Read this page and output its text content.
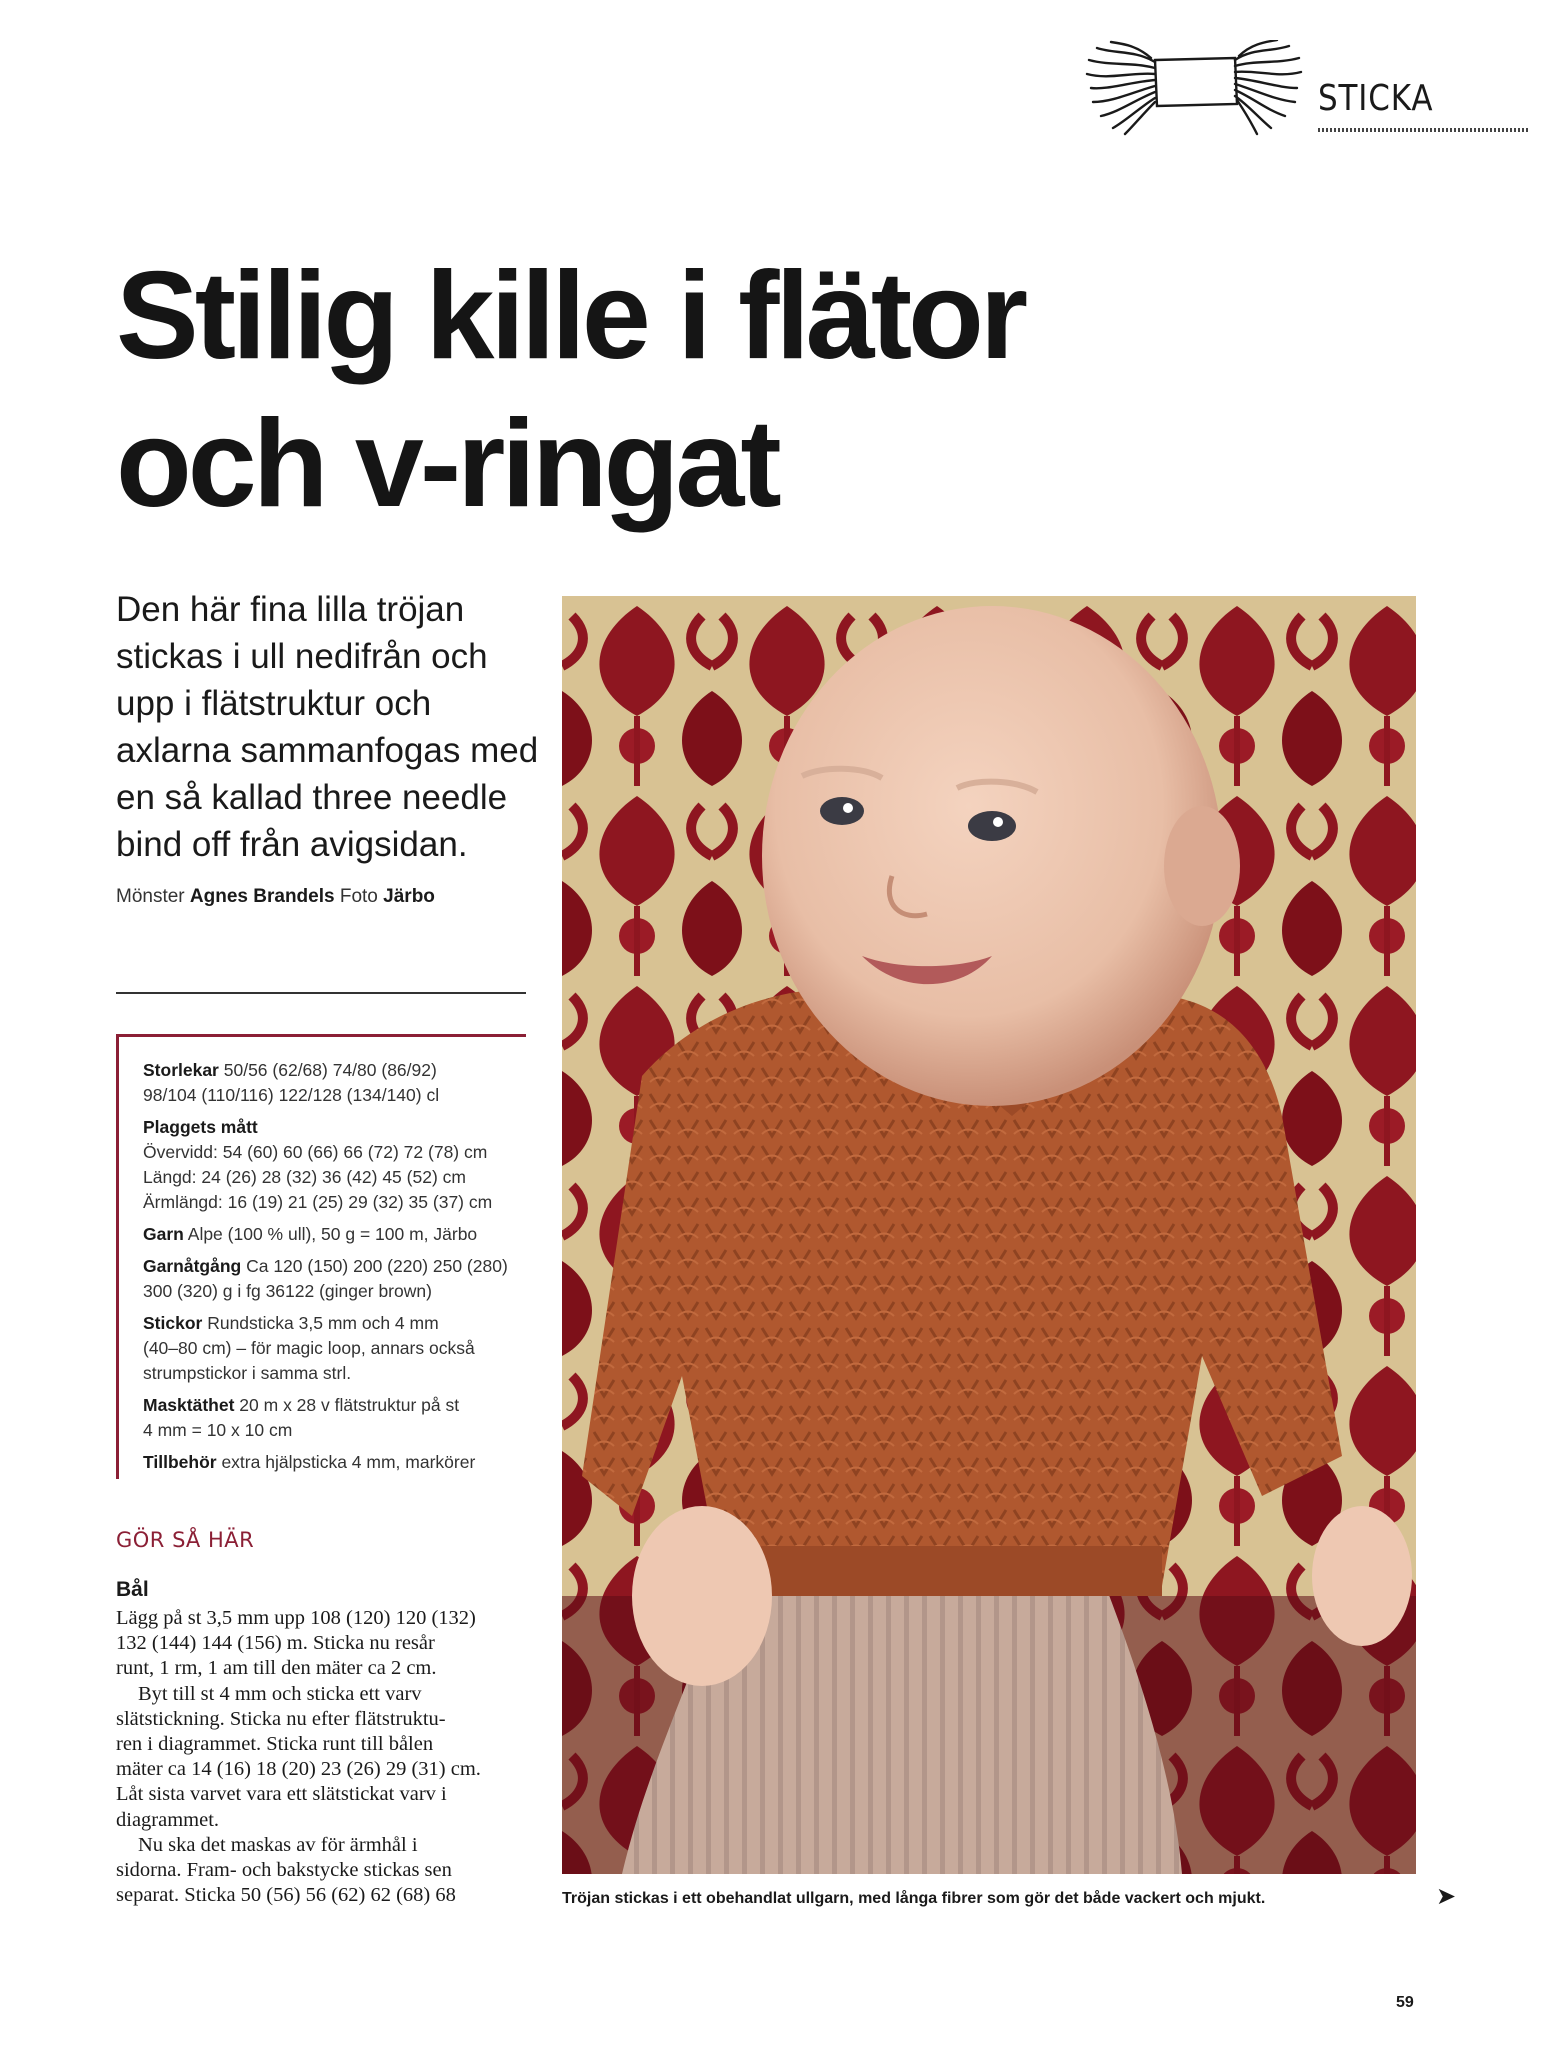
STICKA
Stilig kille i flätor
och v-ringat

Den här fina lilla tröjan
stickas i ull nedifrån och
upp i flätstruktur och
axlarna sammanfogas med
en så kallad three needle
bind off från avigsidan.

Mönster Agnes Brandels Foto Järbo
Storlekar 50/56 (62/68) 74/80 (86/92)
98/104 (110/116) 122/128 (134/140) cl
Plaggets mått
Övervidd: 54 (60) 60 (66) 66 (72) 72 (78) cm
Längd: 24 (26) 28 (32) 36 (42) 45 (52) cm
Ärmlängd: 16 (19) 21 (25) 29 (32) 35 (37) cm
Garn Alpe (100 % ull), 50 g = 100 m, Järbo
Garnåtgång Ca 120 (150) 200 (220) 250 (280)
300 (320) g i fg 36122 (ginger brown)
Stickor Rundsticka 3,5 mm och 4 mm
(40–80 cm) – för magic loop, annars också
strumpstickor i samma strl.
Masktäthet 20 m x 28 v flätstruktur på st
4 mm = 10 x 10 cm
Tillbehör extra hjälpsticka 4 mm, markörer
GÖR SÅ HÄR
Bål
Lägg på st 3,5 mm upp 108 (120) 120 (132)
132 (144) 144 (156) m. Sticka nu resår
runt, 1 rm, 1 am till den mäter ca 2 cm.
Byt till st 4 mm och sticka ett varv
slätstickning. Sticka nu efter flätstruktu-
ren i diagrammet. Sticka runt till bålen
mäter ca 14 (16) 18 (20) 23 (26) 29 (31) cm.
Låt sista varvet vara ett slätstickat varv i
diagrammet.
Nu ska det maskas av för ärmhål i
sidorna. Fram- och bakstycke stickas sen
separat. Sticka 50 (56) 56 (62) 62 (68) 68	Tröjan stickas i ett obehandlat ullgarn, med långa fibrer som gör det både vackert och mjukt.	➤
59
